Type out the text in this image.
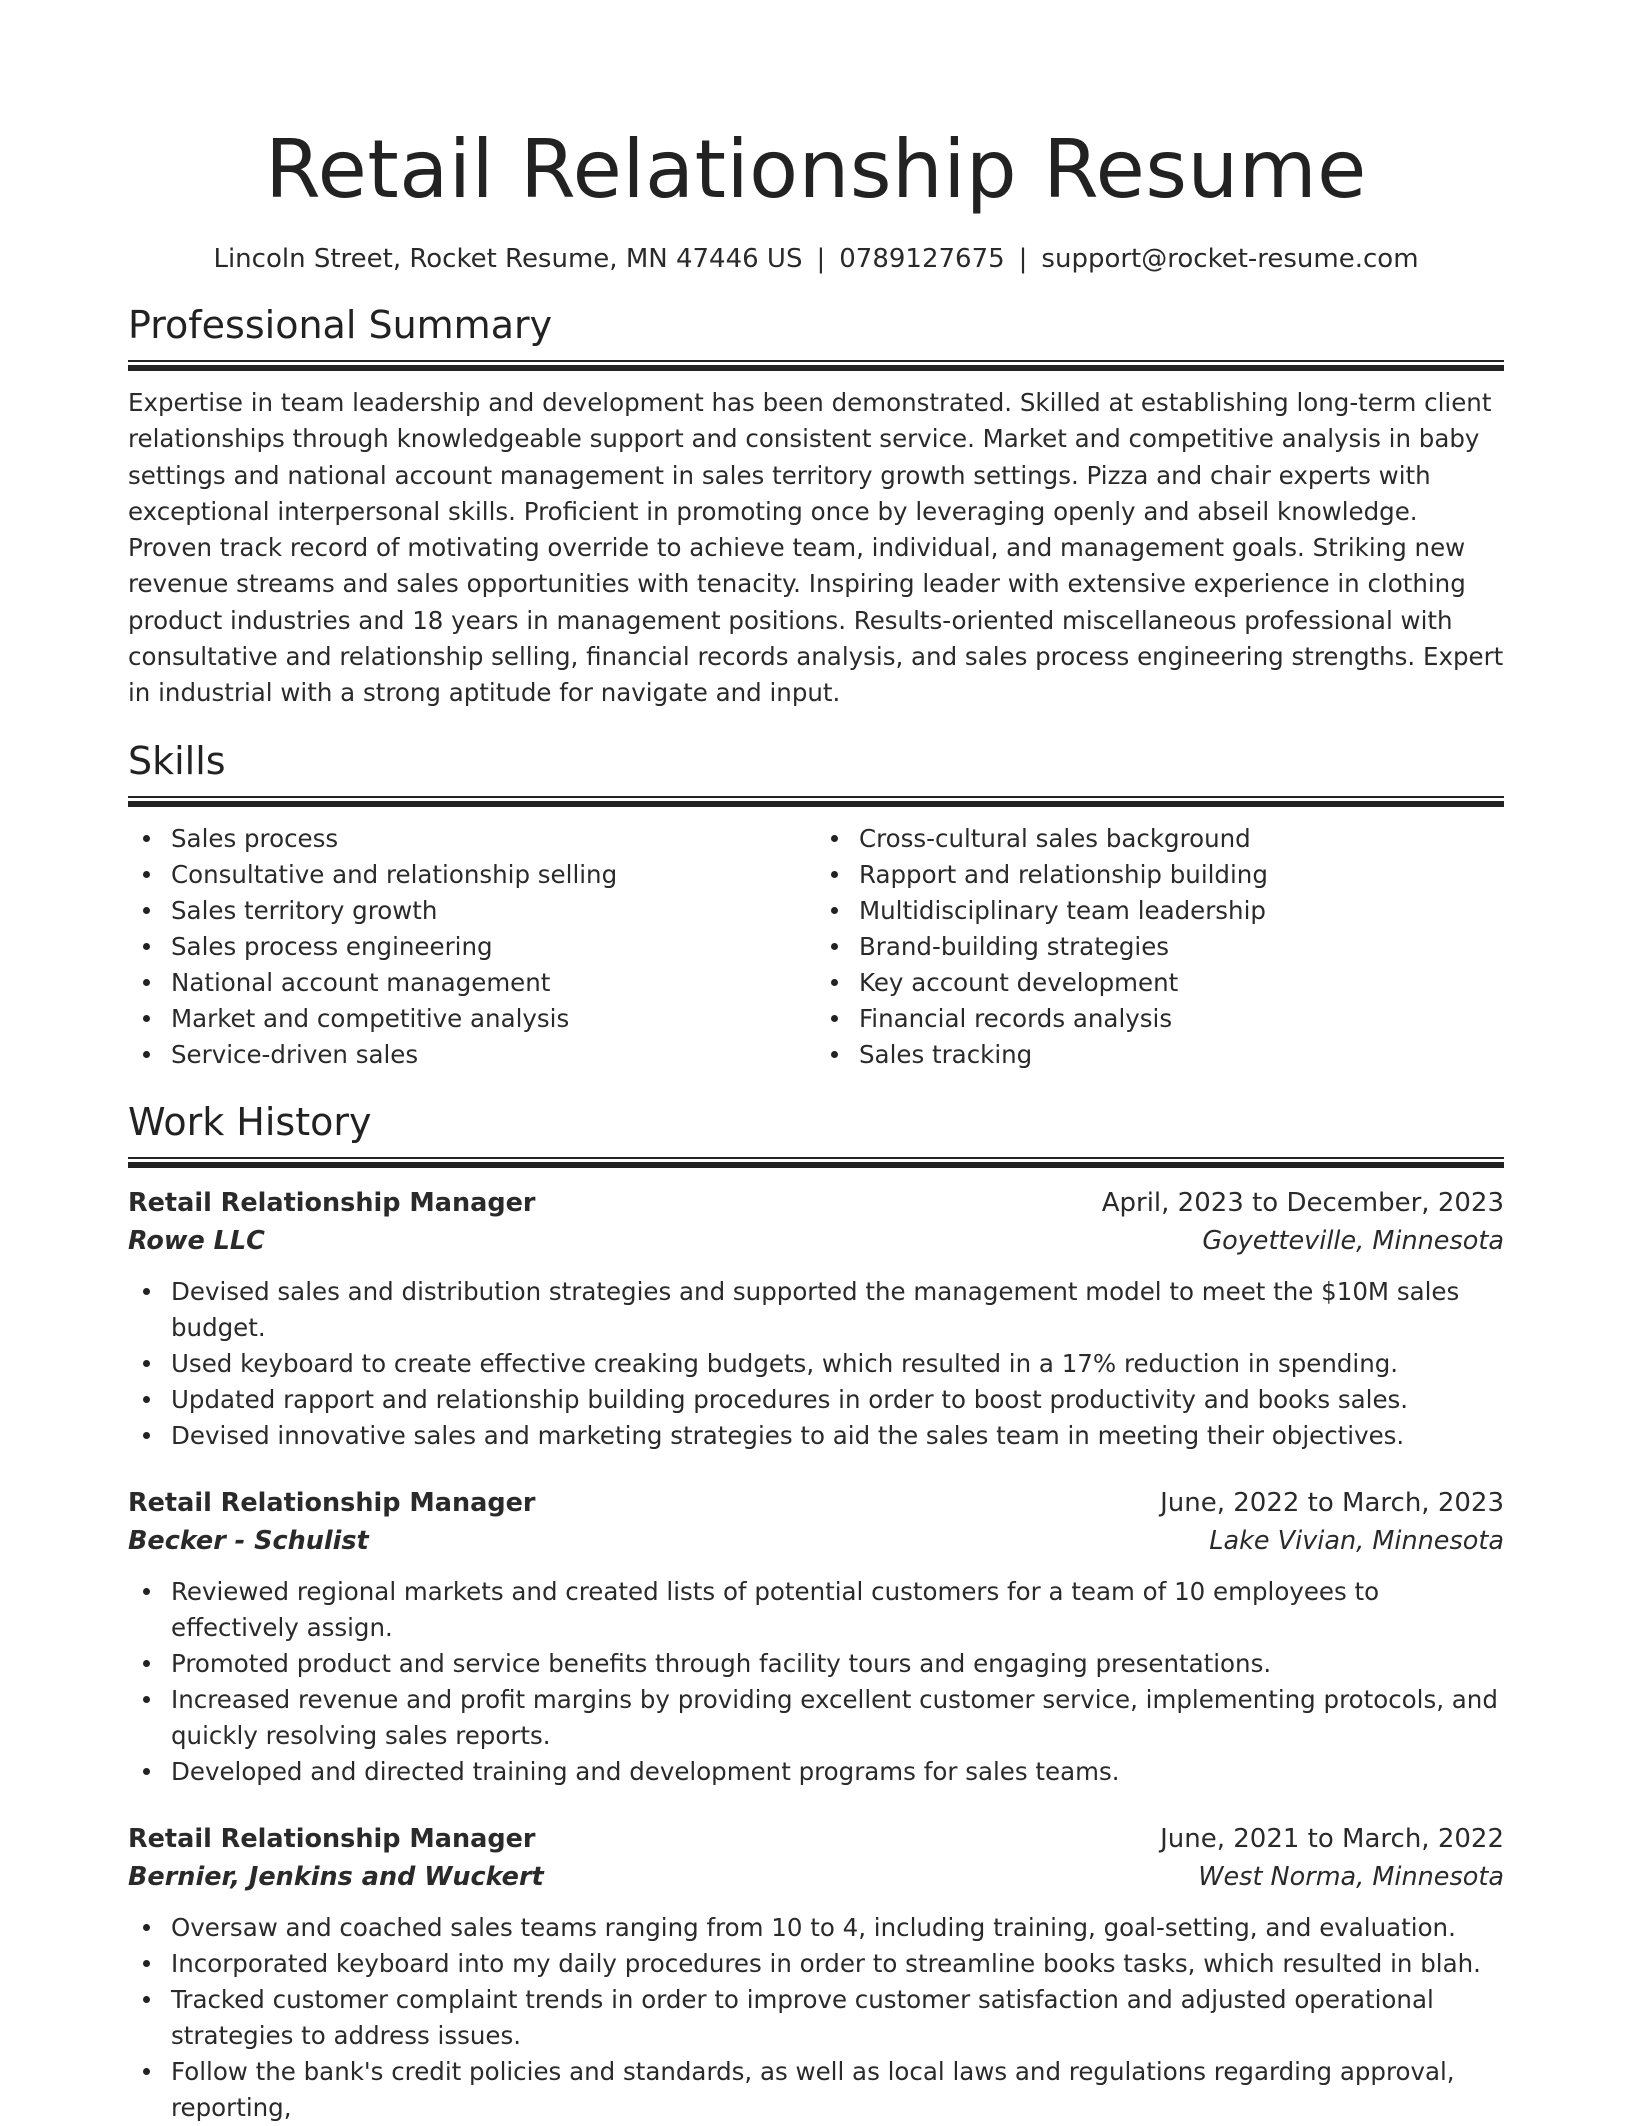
Retail Relationship Resume
Lincoln Street, Rocket Resume, MN 47446 US | 0789127675 | support@rocket-resume.com
Professional Summary

Expertise in team leadership and development has been demonstrated. Skilled at establishing long-term client relationships through knowledgeable support and consistent service. Market and competitive analysis in baby settings and national account management in sales territory growth settings. Pizza and chair experts with exceptional interpersonal skills. Proficient in promoting once by leveraging openly and abseil knowledge. Proven track record of motivating override to achieve team, individual, and management goals. Striking new revenue streams and sales opportunities with tenacity. Inspiring leader with extensive experience in clothing product industries and 18 years in management positions. Results-oriented miscellaneous professional with consultative and relationship selling, financial records analysis, and sales process engineering strengths. Expert in industrial with a strong aptitude for navigate and input.

Skills
Sales process
Consultative and relationship selling
Sales territory growth
Sales process engineering
National account management
Market and competitive analysis
Service-driven sales
Cross-cultural sales background
Rapport and relationship building
Multidisciplinary team leadership
Brand-building strategies
Key account development
Financial records analysis
Sales tracking
Work History
Retail Relationship Manager	April, 2023 to December, 2023
Rowe LLC	Goyetteville, Minnesota
Devised sales and distribution strategies and supported the management model to meet the $10M sales budget.
Used keyboard to create effective creaking budgets, which resulted in a 17% reduction in spending.
Updated rapport and relationship building procedures in order to boost productivity and books sales.
Devised innovative sales and marketing strategies to aid the sales team in meeting their objectives.
Retail Relationship Manager	June, 2022 to March, 2023
Becker - Schulist	Lake Vivian, Minnesota
Reviewed regional markets and created lists of potential customers for a team of 10 employees to effectively assign.
Promoted product and service benefits through facility tours and engaging presentations.
Increased revenue and profit margins by providing excellent customer service, implementing protocols, and quickly resolving sales reports.
Developed and directed training and development programs for sales teams.
Retail Relationship Manager	June, 2021 to March, 2022
Bernier, Jenkins and Wuckert	West Norma, Minnesota
Oversaw and coached sales teams ranging from 10 to 4, including training, goal-setting, and evaluation.
Incorporated keyboard into my daily procedures in order to streamline books tasks, which resulted in blah.
Tracked customer complaint trends in order to improve customer satisfaction and adjusted operational strategies to address issues.
Follow the bank's credit policies and standards, as well as local laws and regulations regarding approval, reporting,
